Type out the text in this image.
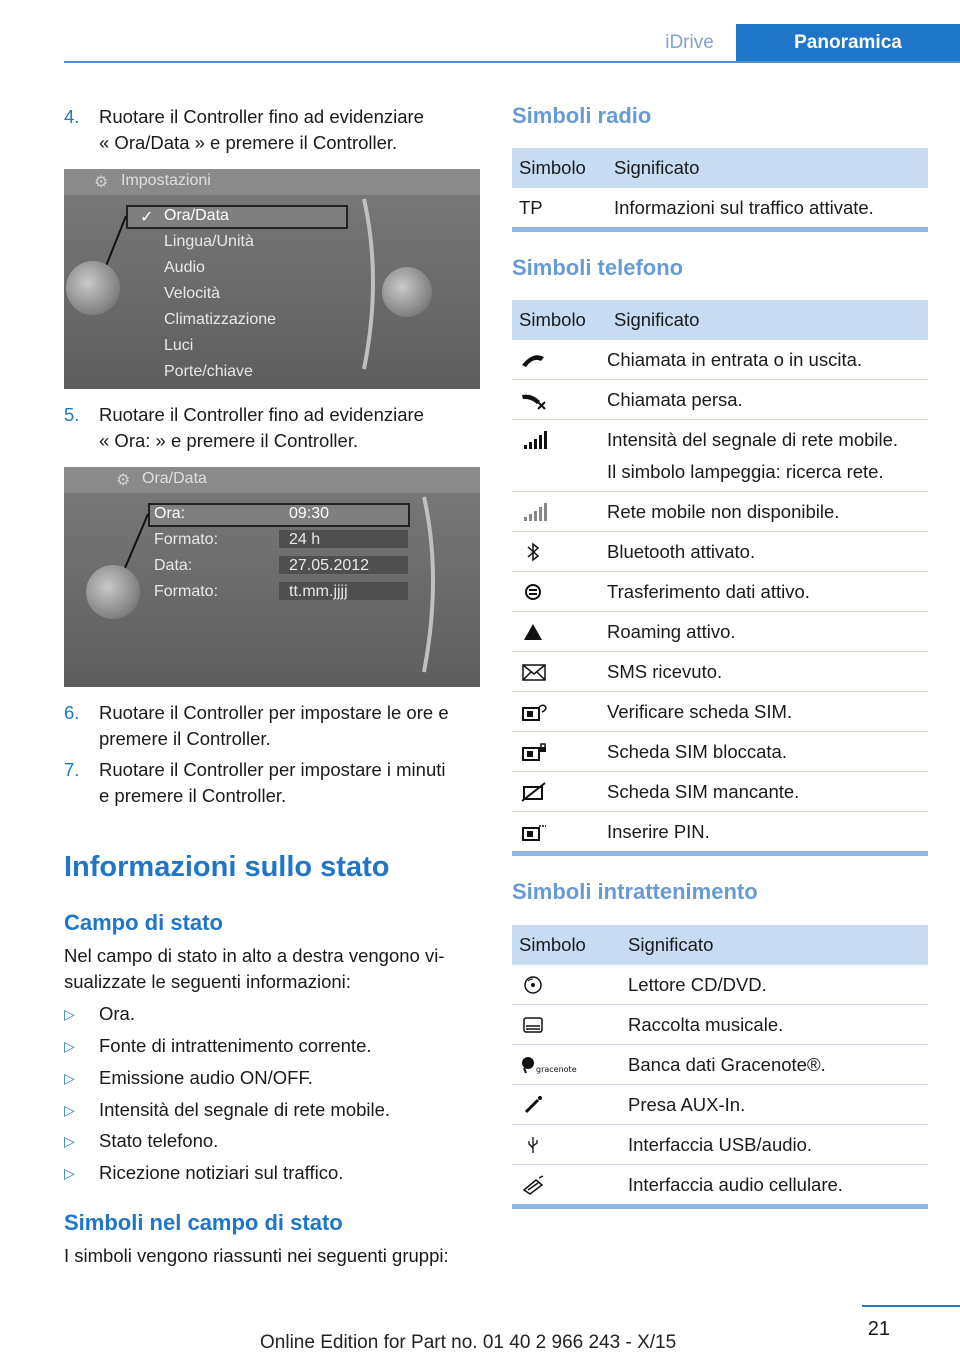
iDrive	Panoramica
4. Ruotare il Controller fino ad evidenziare
« Ora/Data » e premere il Controller.
⚙ Impostazioni
✓ Ora/Data
Lingua/Unità
Audio
Velocità
Climatizzazione
Luci
Porte/chiave
5. Ruotare il Controller fino ad evidenziare
« Ora: » e premere il Controller.
⚙ Ora/Data
Ora:	09:30
Formato:	24 h
Data:	27.05.2012
Formato:	tt.mm.jjjj
6. Ruotare il Controller per impostare le ore e
premere il Controller.
7. Ruotare il Controller per impostare i minuti
e premere il Controller.
Informazioni sullo stato
Campo di stato
Nel campo di stato in alto a destra vengono vi-
sualizzate le seguenti informazioni:
▷ Ora.
▷ Fonte di intrattenimento corrente.
▷ Emissione audio ON/OFF.
▷ Intensità del segnale di rete mobile.
▷ Stato telefono.
▷ Ricezione notiziari sul traffico.
Simboli nel campo di stato
I simboli vengono riassunti nei seguenti gruppi:
Simboli radio
Simbolo Significato
TP	Informazioni sul traffico attivate.
Simboli telefono
Simbolo Significato
Chiamata in entrata o in uscita.
Chiamata persa.
Intensità del segnale di rete mobile.
Il simbolo lampeggia: ricerca rete.
Rete mobile non disponibile.
Bluetooth attivato.
Trasferimento dati attivo.
Roaming attivo.
SMS ricevuto.
Verificare scheda SIM.
Scheda SIM bloccata.
Scheda SIM mancante.
Inserire PIN.
Simboli intrattenimento
Simbolo Significato
Lettore CD/DVD.
Raccolta musicale.
gracenote	Banca dati Gracenote®.
Presa AUX-In.
Interfaccia USB/audio.
Interfaccia audio cellulare.
21
Online Edition for Part no. 01 40 2 966 243 - X/15
